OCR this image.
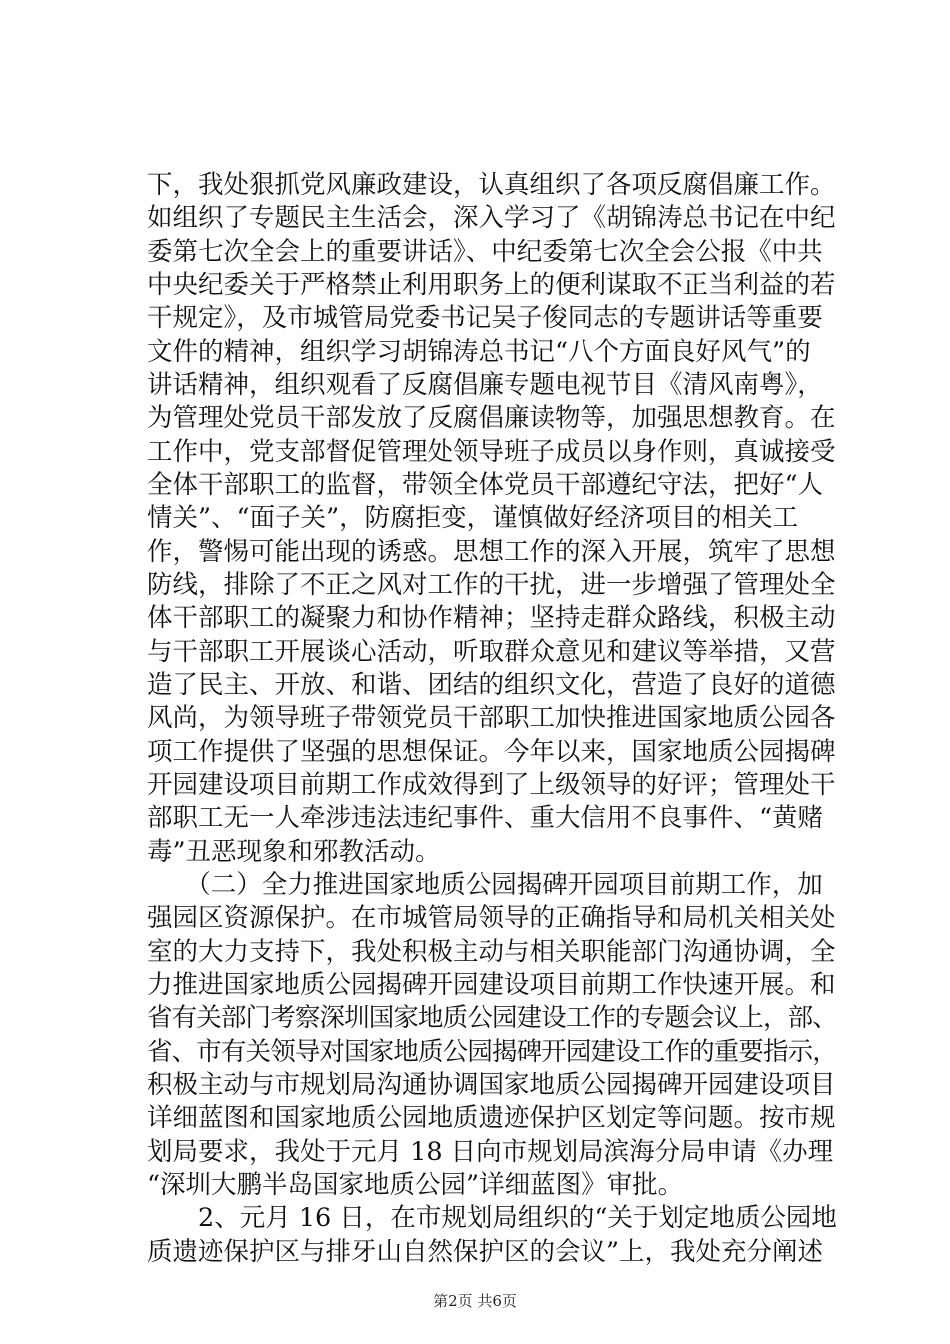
下，我处狠抓党风廉政建设，认真组织了各项反腐倡廉工作。
如组织了专题民主生活会，深入学习了《胡锦涛总书记在中纪
委第七次全会上的重要讲话》、中纪委第七次全会公报《中共
中央纪委关于严格禁止利用职务上的便利谋取不正当利益的若
干规定》，及市城管局党委书记吴子俊同志的专题讲话等重要
文件的精神，组织学习胡锦涛总书记“八个方面良好风气”的
讲话精神，组织观看了反腐倡廉专题电视节目《清风南粤》，
为管理处党员干部发放了反腐倡廉读物等，加强思想教育。在
工作中，党支部督促管理处领导班子成员以身作则，真诚接受
全体干部职工的监督，带领全体党员干部遵纪守法，把好“人
情关”、“面子关”，防腐拒变，谨慎做好经济项目的相关工
作，警惕可能出现的诱惑。思想工作的深入开展，筑牢了思想
防线，排除了不正之风对工作的干扰，进一步增强了管理处全
体干部职工的凝聚力和协作精神；坚持走群众路线，积极主动
与干部职工开展谈心活动，听取群众意见和建议等举措，又营
造了民主、开放、和谐、团结的组织文化，营造了良好的道德
风尚，为领导班子带领党员干部职工加快推进国家地质公园各
项工作提供了坚强的思想保证。今年以来，国家地质公园揭碑
开园建设项目前期工作成效得到了上级领导的好评；管理处干
部职工无一人牵涉违法违纪事件、重大信用不良事件、“黄赌
毒”丑恶现象和邪教活动。
　　（二）全力推进国家地质公园揭碑开园项目前期工作，加
强园区资源保护。在市城管局领导的正确指导和局机关相关处
室的大力支持下，我处积极主动与相关职能部门沟通协调，全
力推进国家地质公园揭碑开园建设项目前期工作快速开展。和
省有关部门考察深圳国家地质公园建设工作的专题会议上，部、
省、市有关领导对国家地质公园揭碑开园建设工作的重要指示，
积极主动与市规划局沟通协调国家地质公园揭碑开园建设项目
详细蓝图和国家地质公园地质遗迹保护区划定等问题。按市规
划局要求，我处于元月 18 日向市规划局滨海分局申请《办理
“深圳大鹏半岛国家地质公园”详细蓝图》审批。
　　2、元月 16 日，在市规划局组织的“关于划定地质公园地
质遗迹保护区与排牙山自然保护区的会议”上，我处充分阐述
第2页 共6页
